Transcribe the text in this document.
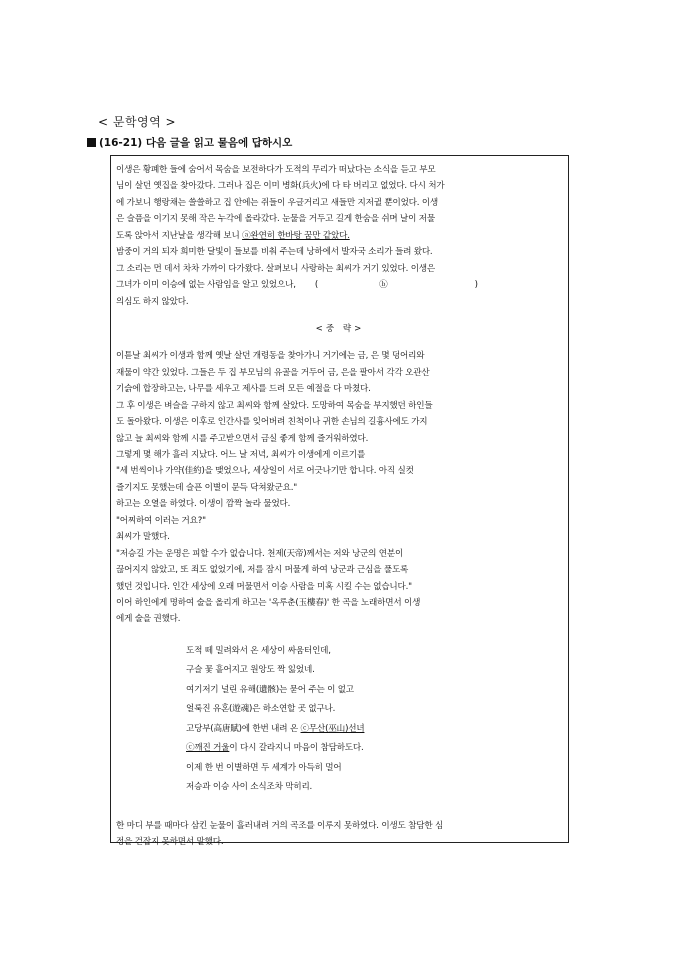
< 문학영역 >
(16-21) 다음 글을 읽고 물음에 답하시오
이생은 황폐한 들에 숨어서 목숨을 보전하다가 도적의 무리가 떠났다는 소식을 듣고 부모
님이 살던 옛집을 찾아갔다. 그러나 집은 이미 병화(兵火)에 다 타 버리고 없었다. 다시 처가
에 가보니 행랑채는 쓸쓸하고 집 안에는 쥐들이 우글거리고 새들만 지저귈 뿐이었다. 이생
은 슬픔을 이기지 못해 작은 누각에 올라갔다. 눈물을 거두고 길게 한숨을 쉬며 날이 저물
도록 앉아서 지난날을 생각해 보니 ⓐ완연히 한바탕 꿈만 같았다.
밤중이 거의 되자 희미한 달빛이 들보를 비춰 주는데 낭하에서 발자국 소리가 들려 왔다.
그 소리는 먼 데서 차차 가까이 다가왔다. 살펴보니 사랑하는 최씨가 거기 있었다. 이생은
그녀가 이미 이승에 없는 사람임을 알고 있었으나, (	ⓑ	)
의심도 하지 않았다.
<중 략>
이튿날 최씨가 이생과 함께 옛날 살던 개령동을 찾아가니 거기에는 금, 은 몇 덩어리와
재물이 약간 있었다. 그들은 두 집 부모님의 유골을 거두어 금, 은을 팔아서 각각 오관산
기슭에 합장하고는, 나무를 세우고 제사를 드려 모든 예절을 다 마쳤다.
그 후 이생은 벼슬을 구하지 않고 최씨와 함께 살았다. 도망하여 목숨을 부지했던 하인들
도 돌아왔다. 이생은 이후로 인간사를 잊어버려 친척이나 귀한 손님의 길흉사에도 가지
않고 늘 최씨와 함께 시를 주고받으면서 금실 좋게 함께 즐거워하였다.
그렇게 몇 해가 흘러 지났다. 어느 날 저녁, 최씨가 이생에게 이르기를
"세 번씩이나 가약(佳約)을 맺었으나, 세상일이 서로 어긋나기만 합니다. 아직 실컷
즐기지도 못했는데 슬픈 이별이 문득 닥쳐왔군요."
하고는 오열을 하였다. 이생이 깜짝 놀라 물었다.
"어찌하여 이러는 거요?"
최씨가 말했다.
"저승길 가는 운명은 피할 수가 없습니다. 천제(天帝)께서는 저와 낭군의 연분이
끊어지지 않았고, 또 죄도 없었기에, 저를 잠시 머물게 하여 낭군과 근심을 풀도록
했던 것입니다. 인간 세상에 오래 머물면서 이승 사람을 미혹 시킬 수는 없습니다."
이어 하인에게 명하여 술을 올리게 하고는 '옥루춘(玉樓春)' 한 곡을 노래하면서 이생
에게 술을 권했다.
도적 떼 밀려와서 온 세상이 싸움터인데,
구슬 꽃 흩어지고 원앙도 짝 잃었네.
여기저기 널린 유해(遺骸)는 묻어 주는 이 없고
얼룩진 유혼(遊魂)은 하소연할 곳 없구나.
고당부(高唐賦)에 한번 내려 온 ⓒ무산(巫山)선녀
ⓒ깨진 거울이 다시 갈라지니 마음이 참담하도다.
이제 한 번 이별하면 두 세계가 아득히 멀어
저승과 이승 사이 소식조차 막히리.
한 마디 부를 때마다 삼킨 눈물이 흘러내려 거의 곡조를 이루지 못하였다. 이생도 참담한 심
정을 걷잡지 못하면서 말했다.
